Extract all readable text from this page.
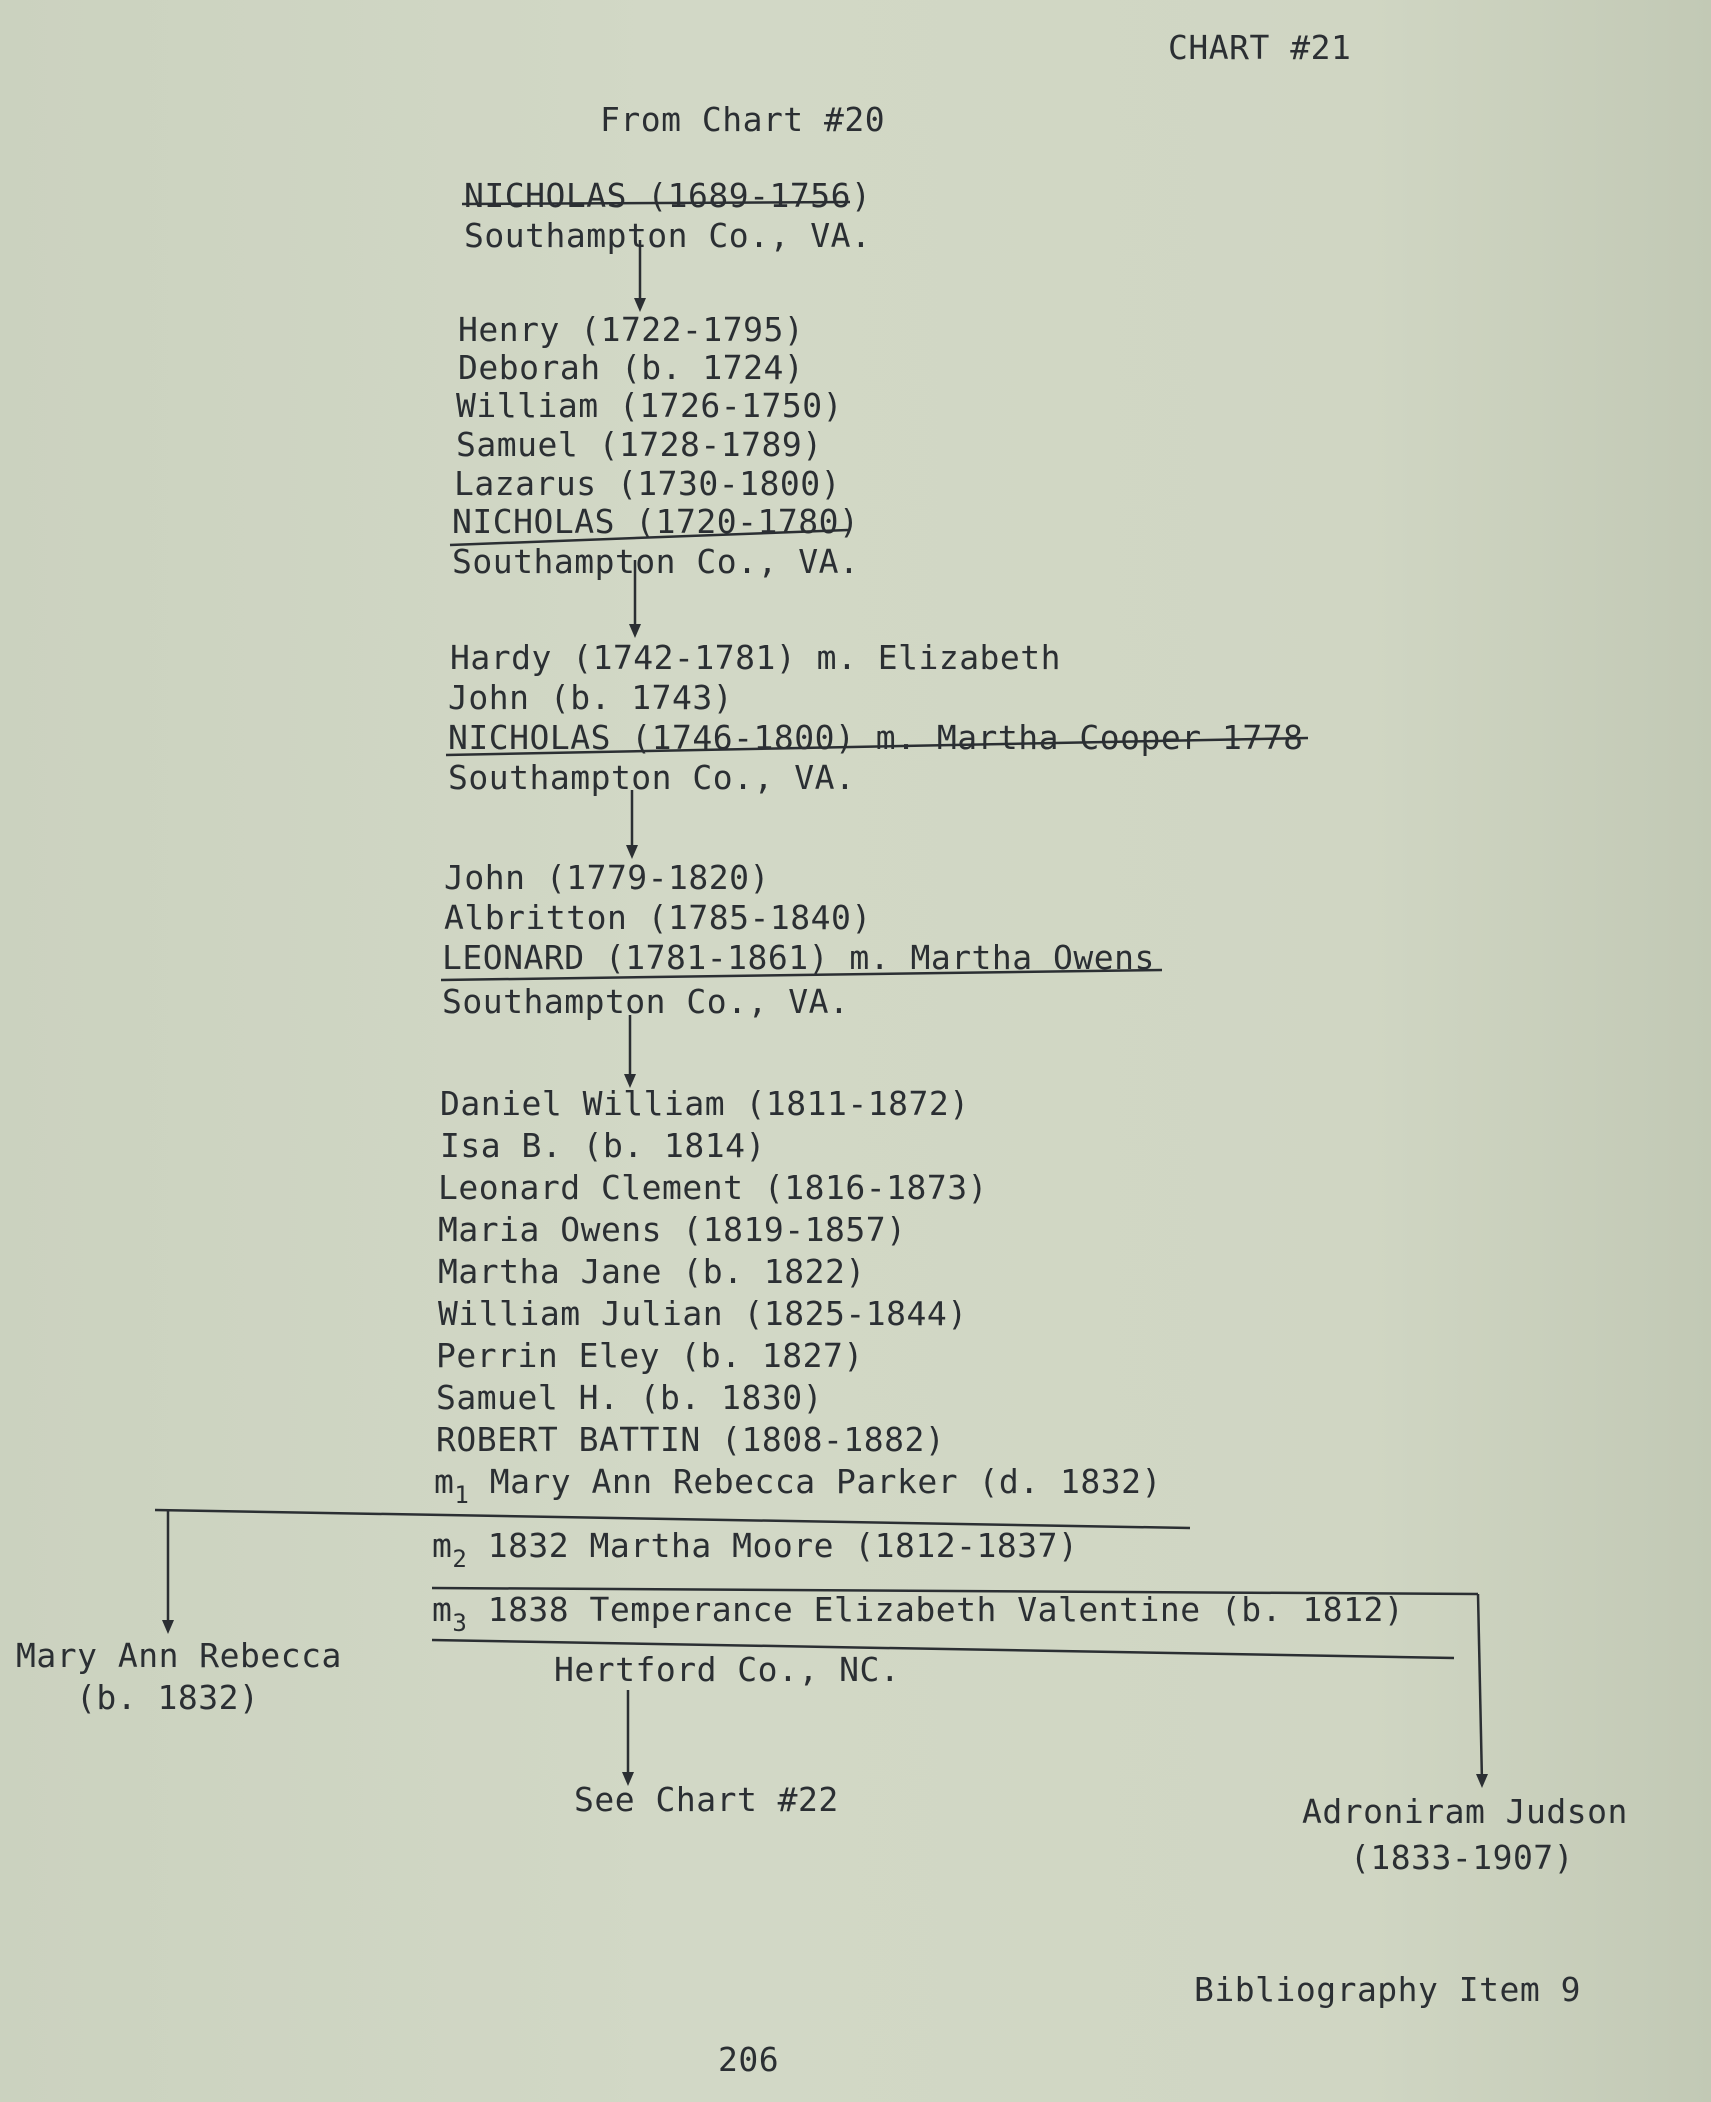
CHART #21
From Chart #20
NICHOLAS (1689-1756)
Southampton Co., VA.
Henry (1722-1795)
Deborah (b. 1724)
William (1726-1750)
Samuel (1728-1789)
Lazarus (1730-1800)
NICHOLAS (1720-1780)
Southampton Co., VA.
Hardy (1742-1781) m. Elizabeth
John (b. 1743)
NICHOLAS (1746-1800) m. Martha Cooper 1778
Southampton Co., VA.
John (1779-1820)
Albritton (1785-1840)
LEONARD (1781-1861) m. Martha Owens
Southampton Co., VA.
Daniel William (1811-1872)
Isa B. (b. 1814)
Leonard Clement (1816-1873)
Maria Owens (1819-1857)
Martha Jane (b. 1822)
William Julian (1825-1844)
Perrin Eley (b. 1827)
Samuel H. (b. 1830)
ROBERT BATTIN (1808-1882)
$m_1$ Mary Ann Rebecca Parker (d. 1832)
$m_2$ 1832 Martha Moore (1812-1837)
$m_3$ 1838 Temperance Elizabeth Valentine (b. 1812)
Hertford Co., NC.
Mary Ann Rebecca
(b. 1832)
See Chart #22	Adroniram Judson
(1833-1907)
Bibliography Item 9
206
